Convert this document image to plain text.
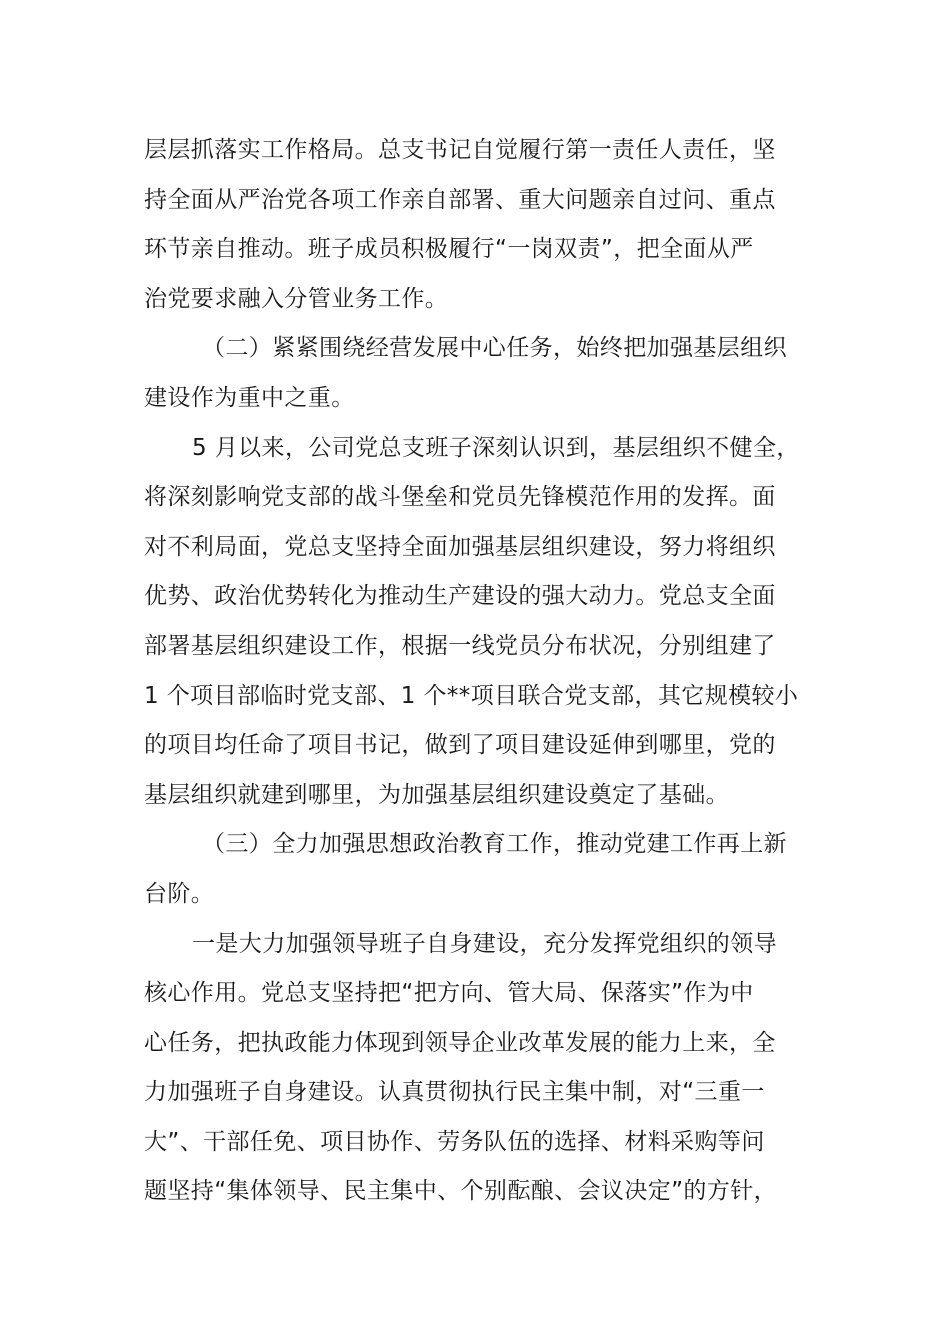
层层抓落实工作格局。总支书记自觉履行第一责任人责任，坚
持全面从严治党各项工作亲自部署、重大问题亲自过问、重点
环节亲自推动。班子成员积极履行“一岗双责”，把全面从严
治党要求融入分管业务工作。
（二）紧紧围绕经营发展中心任务，始终把加强基层组织
建设作为重中之重。
5 月以来，公司党总支班子深刻认识到，基层组织不健全，
将深刻影响党支部的战斗堡垒和党员先锋模范作用的发挥。面
对不利局面，党总支坚持全面加强基层组织建设，努力将组织
优势、政治优势转化为推动生产建设的强大动力。党总支全面
部署基层组织建设工作，根据一线党员分布状况，分别组建了
1 个项目部临时党支部、1 个**项目联合党支部，其它规模较小
的项目均任命了项目书记，做到了项目建设延伸到哪里，党的
基层组织就建到哪里，为加强基层组织建设奠定了基础。
（三）全力加强思想政治教育工作，推动党建工作再上新
台阶。
一是大力加强领导班子自身建设，充分发挥党组织的领导
核心作用。党总支坚持把“把方向、管大局、保落实”作为中
心任务，把执政能力体现到领导企业改革发展的能力上来，全
力加强班子自身建设。认真贯彻执行民主集中制，对“三重一
大”、干部任免、项目协作、劳务队伍的选择、材料采购等问
题坚持“集体领导、民主集中、个别酝酿、会议决定”的方针，
